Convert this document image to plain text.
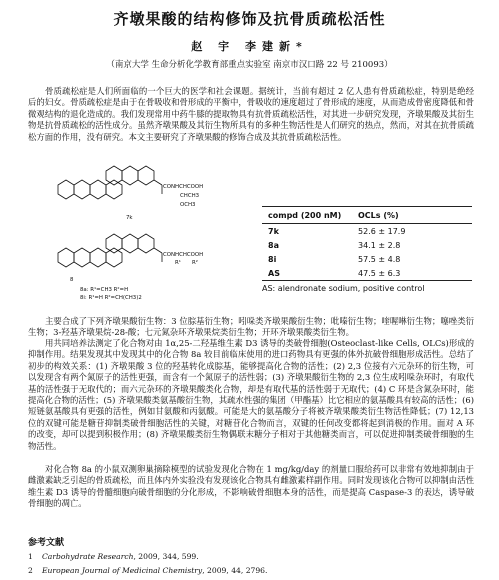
齐墩果酸的结构修饰及抗骨质疏松活性
赵 宇 李建新*
（南京大学 生命分析化学教育部重点实验室 南京市汉口路 22 号 210093）

骨质疏松症是人们所面临的一个巨大的医学和社会课题。据统计，当前有超过 2 亿人患有骨质疏松症，特别是绝经后的妇女。骨质疏松症是由于在骨吸收和骨形成的平衡中，骨吸收的速度超过了骨形成的速度，从而造成骨密度降低和骨微观结构的退化造成的。我们发现常用中药牛膝的提取物具有抗骨质疏松活性，对其进一步研究发现，齐墩果酸及其衍生物是抗骨质疏松的活性成分。虽然齐墩果酸及其衍生物所具有的多种生物活性是人们研究的热点，然而，对其在抗骨质疏松方面的作用，没有研究。本文主要研究了齐墩果酸的修饰合成及其抗骨质疏松活性。

CONHCHCOOH
CHCH3
OCH3
7k
CONHCHCOOH
R²
R¹
8
8a: R¹=CH3 R²=H
8i: R¹=H R²=CH(CH3)2
compd (200 nM)	OCLs (%)
7k	52.6 ± 17.9
8a	34.1 ± 2.8
8i	57.5 ± 4.8
AS	47.5 ± 6.3
AS: alendronate sodium, positive control

主要合成了下列齐墩果酸衍生物：3 位腙基衍生物；吲哚类齐墩果酸衍生物；吡嗪衍生物；喹喔啉衍生物；噻唑类衍生物；3-羟基齐墩果烷-28-酸；七元氮杂环齐墩果烷类衍生物；开环齐墩果酸类衍生物。

用共同培养法测定了化合物对由 1α,25-二羟基维生素 D3 诱导的类破骨细胞(Osteoclast-like Cells, OLCs)形成的抑制作用。结果发现其中发现其中的化合物 8a 较目前临床使用的进口药物具有更强的体外抗破骨细胞形成活性。总结了初步的构效关系：(1) 齐墩果酸 3 位的羟基转化成腙基，能够提高化合物的活性；(2) 2,3 位接有六元杂环的衍生物，可以发现含有两个氮原子的活性更强，而含有一个氮原子的活性弱；(3) 齐墩果酸衍生物的 2,3 位生成吲哚杂环时，有取代基的活性强于无取代的；而六元杂环的齐墩果酸类化合物，却是有取代基的活性弱于无取代；(4) C 环是含氮杂环时，能提高化合物的活性；(5) 齐墩果酸类氨基酸衍生物，其疏水性强的集团（甲酯基）比它相应的氨基酸具有较高的活性；(6) 短链氨基酸具有更强的活性，例如甘氨酸和丙氨酸。可能是大的氨基酸分子将被齐墩果酸类衍生物活性降低；(7) 12,13 位的双键可能是糖苷抑制类破骨细胞活性的关键，对糖苷化合物而言，双键的任何改变都将起到消极的作用。面对 A 环的改变，却可以提到积极作用；(8) 齐墩果酸类衍生物偶联末糖分子相对于其他糖类而言，可以促进抑制类破骨细胞的生物活性。

对化合物 8a 的小鼠双测卵巢摘除模型的试验发现化合物在 1 mg/kg/day 的剂量口服给药可以非常有效地抑制由于雌激素缺乏引起的骨质疏松，而且体内外实验没有发现该化合物具有雌激素样副作用。同时发现该化合物可以抑制由活性维生素 D3 诱导的骨髓细胞向破骨细胞的分化形成，不影响破骨细胞本身的活性，而是提高 Caspase-3 的表达，诱导破骨细胞的凋亡。

参考文献
1 Carbohydrate Research, 2009, 344, 599.
2 European Journal of Medicinal Chemistry, 2009, 44, 2796.
